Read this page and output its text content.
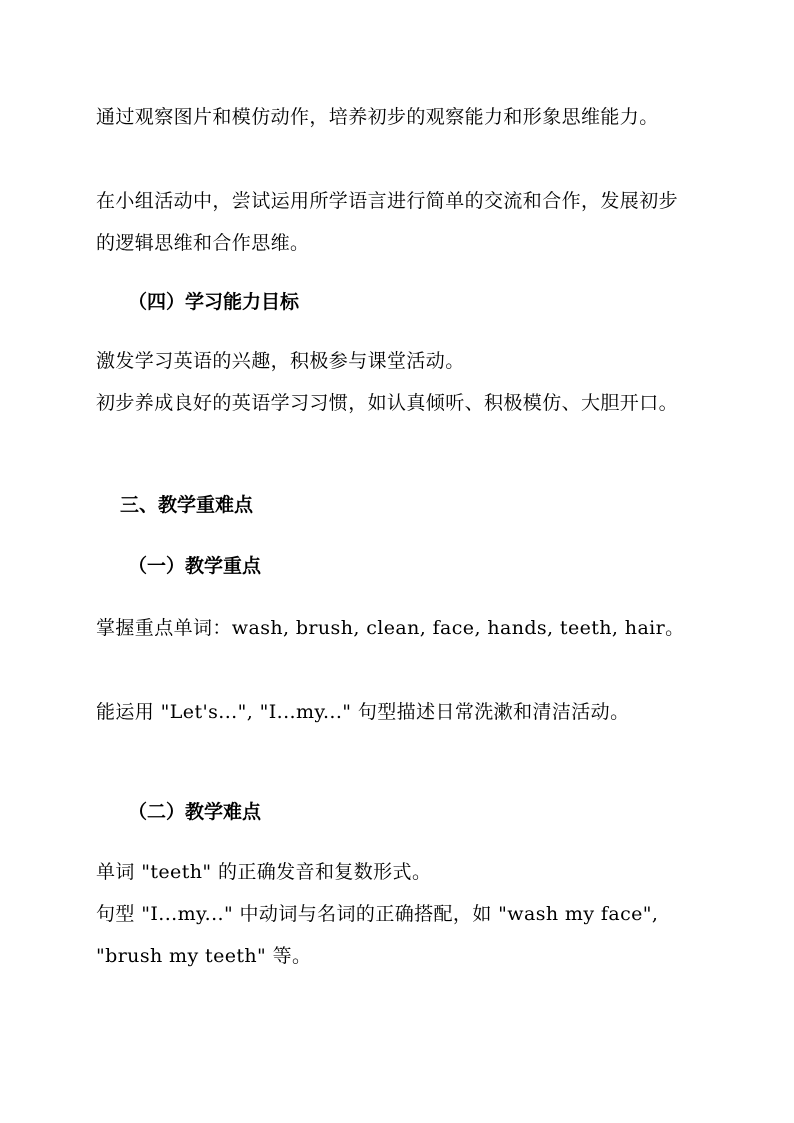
通过观察图片和模仿动作，培养初步的观察能力和形象思维能力。

在小组活动中，尝试运用所学语言进行简单的交流和合作，发展初步的逻辑思维和合作思维。

（四）学习能力目标

激发学习英语的兴趣，积极参与课堂活动。

初步养成良好的英语学习习惯，如认真倾听、积极模仿、大胆开口。

三、教学重难点
（一）教学重点

掌握重点单词：wash, brush, clean, face, hands, teeth, hair。

能运用 "Let's...", "I...my..." 句型描述日常洗漱和清洁活动。

（二）教学难点

单词 "teeth" 的正确发音和复数形式。

句型 "I...my..." 中动词与名词的正确搭配，如 "wash my face", "brush my teeth" 等。
